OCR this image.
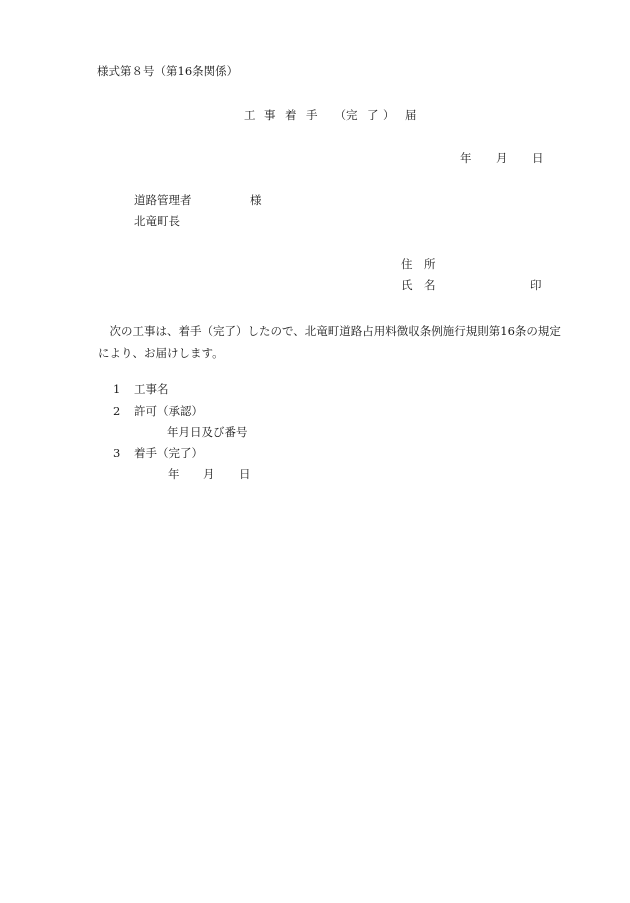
様式第８号（第16条関係）
工 事 着 手 （完 了 ） 届
年 月 日
道路管理者	様
北竜町長
住　所
氏　名	印
次の工事は、着手（完了）したので、北竜町道路占用料徴収条例施行規則第16条の規定により、お届けします。
1 工事名
2 許可（承認）
年月日及び番号
3 着手（完了）
年 月 日
